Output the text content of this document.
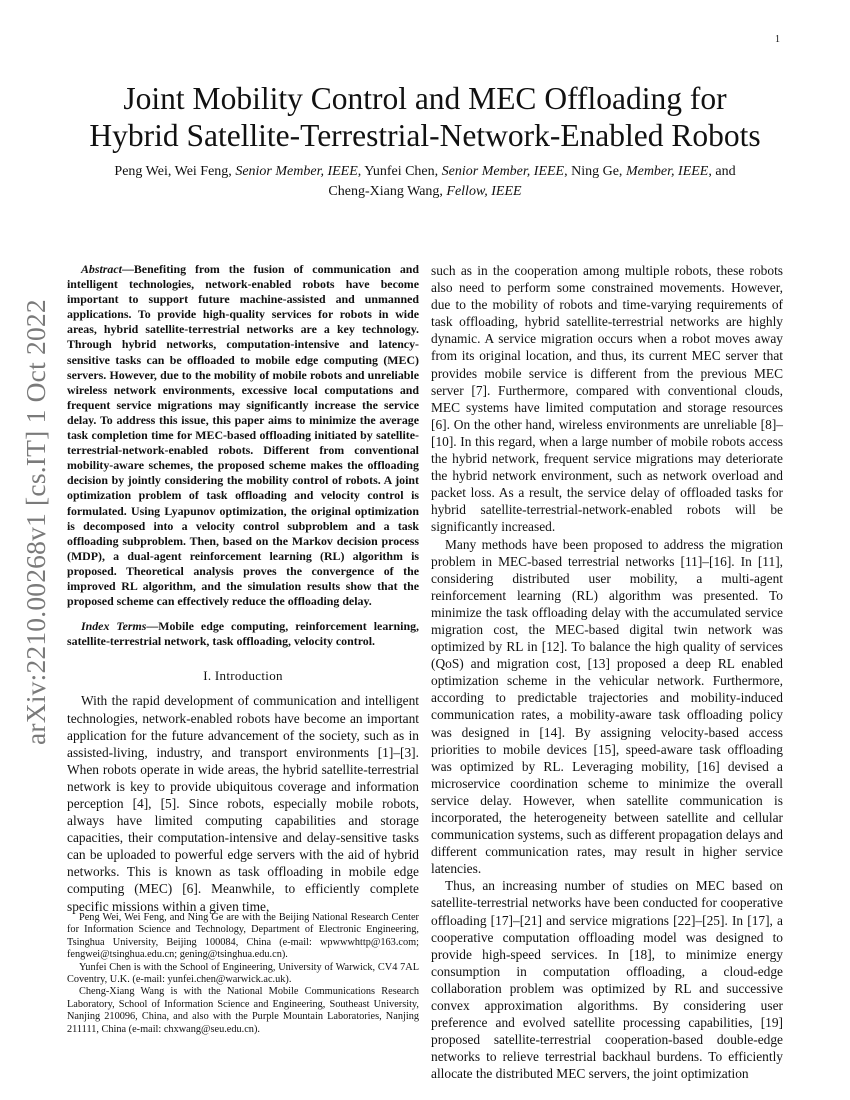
1
arXiv:2210.00268v1 [cs.IT] 1 Oct 2022
Joint Mobility Control and MEC Offloading for
Hybrid Satellite-Terrestrial-Network-Enabled Robots
Peng Wei, Wei Feng, Senior Member, IEEE, Yunfei Chen, Senior Member, IEEE, Ning Ge, Member, IEEE, and
Cheng-Xiang Wang, Fellow, IEEE

Abstract—Benefiting from the fusion of communication and intelligent technologies, network-enabled robots have become important to support future machine-assisted and unmanned applications. To provide high-quality services for robots in wide areas, hybrid satellite-terrestrial networks are a key technology. Through hybrid networks, computation-intensive and latency-sensitive tasks can be offloaded to mobile edge computing (MEC) servers. However, due to the mobility of mobile robots and unreliable wireless network environments, excessive local computations and frequent service migrations may significantly increase the service delay. To address this issue, this paper aims to minimize the average task completion time for MEC-based offloading initiated by satellite-terrestrial-network-enabled robots. Different from conventional mobility-aware schemes, the proposed scheme makes the offloading decision by jointly considering the mobility control of robots. A joint optimization problem of task offloading and velocity control is formulated. Using Lyapunov optimization, the original optimization is decomposed into a velocity control subproblem and a task offloading subproblem. Then, based on the Markov decision process (MDP), a dual-agent reinforcement learning (RL) algorithm is proposed. Theoretical analysis proves the convergence of the improved RL algorithm, and the simulation results show that the proposed scheme can effectively reduce the offloading delay.

Index Terms—Mobile edge computing, reinforcement learning, satellite-terrestrial network, task offloading, velocity control.

I. Introduction

With the rapid development of communication and intelligent technologies, network-enabled robots have become an important application for the future advancement of the society, such as in assisted-living, industry, and transport environments [1]–[3]. When robots operate in wide areas, the hybrid satellite-terrestrial network is key to provide ubiquitous coverage and information perception [4], [5]. Since robots, especially mobile robots, always have limited computing capabilities and storage capacities, their computation-intensive and delay-sensitive tasks can be uploaded to powerful edge servers with the aid of hybrid networks. This is known as task offloading in mobile edge computing (MEC) [6]. Meanwhile, to efficiently complete specific missions within a given time,

Peng Wei, Wei Feng, and Ning Ge are with the Beijing National Research Center for Information Science and Technology, Department of Electronic Engineering, Tsinghua University, Beijing 100084, China (e-mail: wpwwwhttp@163.com; fengwei@tsinghua.edu.cn; gening@tsinghua.edu.cn).

Yunfei Chen is with the School of Engineering, University of Warwick, CV4 7AL Coventry, U.K. (e-mail: yunfei.chen@warwick.ac.uk).

Cheng-Xiang Wang is with the National Mobile Communications Research Laboratory, School of Information Science and Engineering, Southeast University, Nanjing 210096, China, and also with the Purple Mountain Laboratories, Nanjing 211111, China (e-mail: chxwang@seu.edu.cn).

such as in the cooperation among multiple robots, these robots also need to perform some constrained movements. However, due to the mobility of robots and time-varying requirements of task offloading, hybrid satellite-terrestrial networks are highly dynamic. A service migration occurs when a robot moves away from its original location, and thus, its current MEC server that provides mobile service is different from the previous MEC server [7]. Furthermore, compared with conventional clouds, MEC systems have limited computation and storage resources [6]. On the other hand, wireless environments are unreliable [8]–[10]. In this regard, when a large number of mobile robots access the hybrid network, frequent service migrations may deteriorate the hybrid network environment, such as network overload and packet loss. As a result, the service delay of offloaded tasks for hybrid satellite-terrestrial-network-enabled robots will be significantly increased.

Many methods have been proposed to address the migration problem in MEC-based terrestrial networks [11]–[16]. In [11], considering distributed user mobility, a multi-agent reinforcement learning (RL) algorithm was presented. To minimize the task offloading delay with the accumulated service migration cost, the MEC-based digital twin network was optimized by RL in [12]. To balance the high quality of services (QoS) and migration cost, [13] proposed a deep RL enabled optimization scheme in the vehicular network. Furthermore, according to predictable trajectories and mobility-induced communication rates, a mobility-aware task offloading policy was designed in [14]. By assigning velocity-based access priorities to mobile devices [15], speed-aware task offloading was optimized by RL. Leveraging mobility, [16] devised a microservice coordination scheme to minimize the overall service delay. However, when satellite communication is incorporated, the heterogeneity between satellite and cellular communication systems, such as different propagation delays and different communication rates, may result in higher service latencies.

Thus, an increasing number of studies on MEC based on satellite-terrestrial networks have been conducted for cooperative offloading [17]–[21] and service migrations [22]–[25]. In [17], a cooperative computation offloading model was designed to provide high-speed services. In [18], to minimize energy consumption in computation offloading, a cloud-edge collaboration problem was optimized by RL and successive convex approximation algorithms. By considering user preference and evolved satellite processing capabilities, [19] proposed satellite-terrestrial cooperation-based double-edge networks to relieve terrestrial backhaul burdens. To efficiently allocate the distributed MEC servers, the joint optimization
